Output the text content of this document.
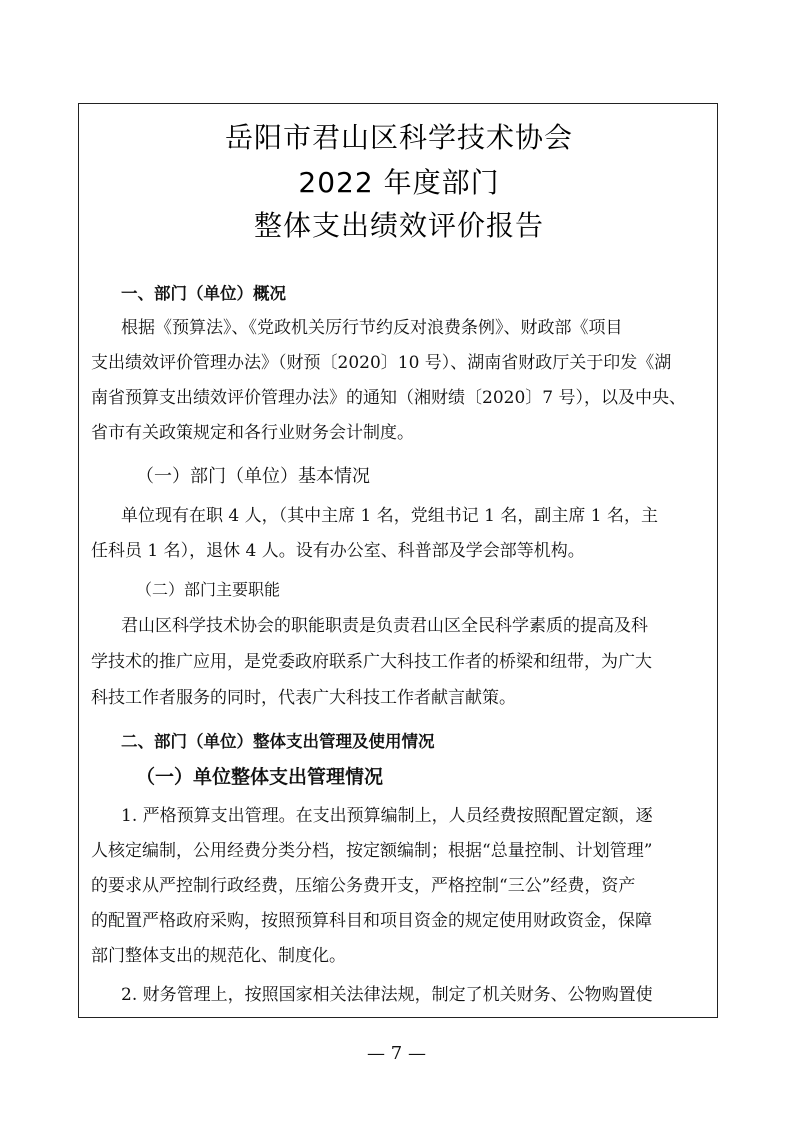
岳阳市君山区科学技术协会
2022 年度部门
整体支出绩效评价报告
一、部门（单位）概况
根据《预算法》、《党政机关厉行节约反对浪费条例》、财政部《项目
支出绩效评价管理办法》（财预〔2020〕10 号）、湖南省财政厅关于印发《湖
南省预算支出绩效评价管理办法》的通知（湘财绩〔2020〕7 号），以及中央、
省市有关政策规定和各行业财务会计制度。
（一）部门（单位）基本情况
单位现有在职 4 人，（其中主席 1 名，党组书记 1 名，副主席 1 名，主
任科员 1 名），退休 4 人。设有办公室、科普部及学会部等机构。
（二）部门主要职能
君山区科学技术协会的职能职责是负责君山区全民科学素质的提高及科
学技术的推广应用，是党委政府联系广大科技工作者的桥梁和纽带，为广大
科技工作者服务的同时，代表广大科技工作者献言献策。
二、部门（单位）整体支出管理及使用情况
（一）单位整体支出管理情况
1. 严格预算支出管理。在支出预算编制上，人员经费按照配置定额，逐
人核定编制，公用经费分类分档，按定额编制；根据“总量控制、计划管理”
的要求从严控制行政经费，压缩公务费开支，严格控制“三公”经费，资产
的配置严格政府采购，按照预算科目和项目资金的规定使用财政资金，保障
部门整体支出的规范化、制度化。
2. 财务管理上，按照国家相关法律法规，制定了机关财务、公物购置使
— 7 —
